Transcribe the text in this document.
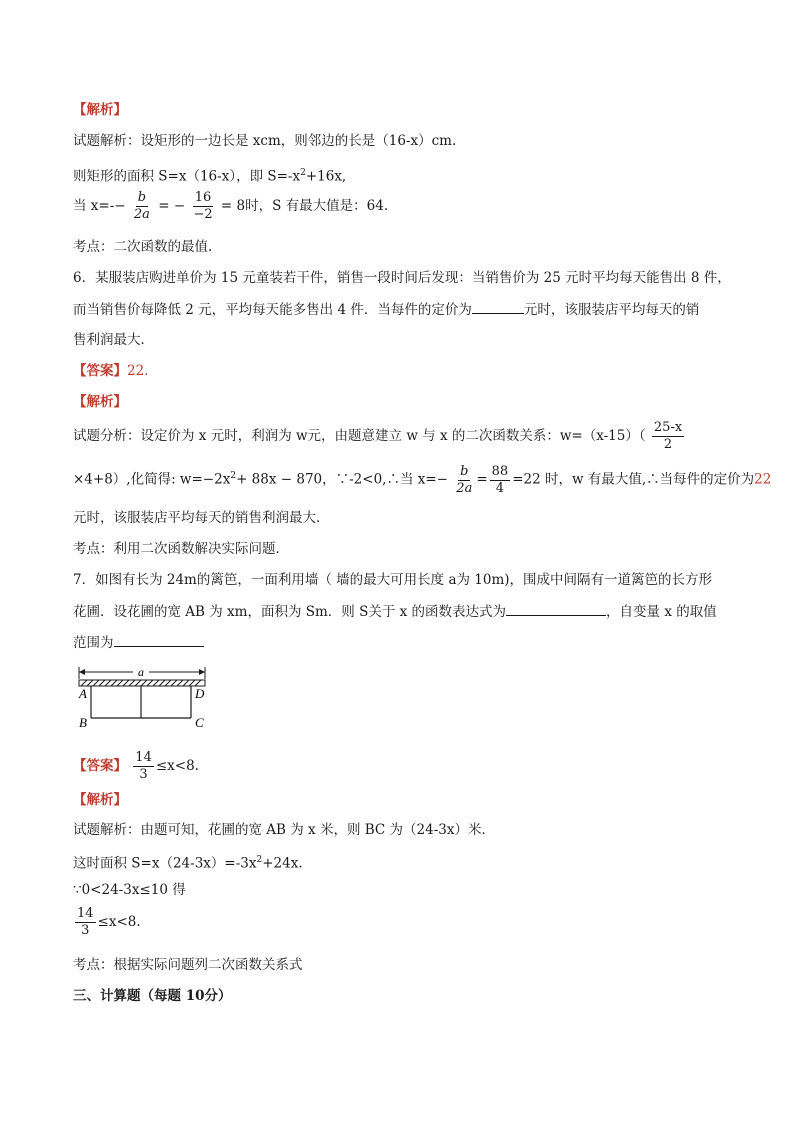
【解析】
试题解析：设矩形的一边长是 xcm，则邻边的长是（16-x）cm.
则矩形的面积 S=x（16-x），即 $S=-x^2+16x$,
当 $x=-- \frac{b}{2a}$ = − $\frac{16}{-2} = 8$时，S 有最大值是：64.
考点：二次函数的最值.
6．某服装店购进单价为 15 元童装若干件，销售一段时间后发现：当销售价为 25 元时平均每天能售出 8 件，
而当销售价每降低 2 元，平均每天能多售出 4 件．当每件的定价为	元时，该服装店平均每天的销
售利润最大．
【答案】22.
【解析】
试题分析：设定价为 x 元时，利润为 w元，由题意建立 w 与 x 的二次函数关系：$w=(x-15)( \frac{25-x}{2}$
×4+8）,化简得: $w=-2x^2+ 88x - 870$，∵-2<0,∴当 $x=- \frac{b}{2a} = \frac{88}{4} =22$ 时，w 有最大值,∴当每件的定价为22
元时，该服装店平均每天的销售利润最大．
考点：利用二次函数解决实际问题．
7．如图有长为 24m的篱笆，一面利用墙（ 墙的最大可用长度 a为 10m)，围成中间隔有一道篱笆的长方形
花圃．设花圃的宽 AB 为 xm，面积为 Sm．则 S关于 x 的函数表达式为	，自变量 x 的取值
范围为
a
A	D
B	C
【答案】 $\frac{14}{3} \le x<8$.
【解析】
试题解析：由题可知，花圃的宽 AB 为 x 米，则 BC 为（24-3x）米．
这时面积 $S=x(24-3x)=-3x^2+24x$.
∵0<24-3x≤10 得
$\frac{14}{3} \le x<8$.
考点：根据实际问题列二次函数关系式
三、计算题（每题 10分）
